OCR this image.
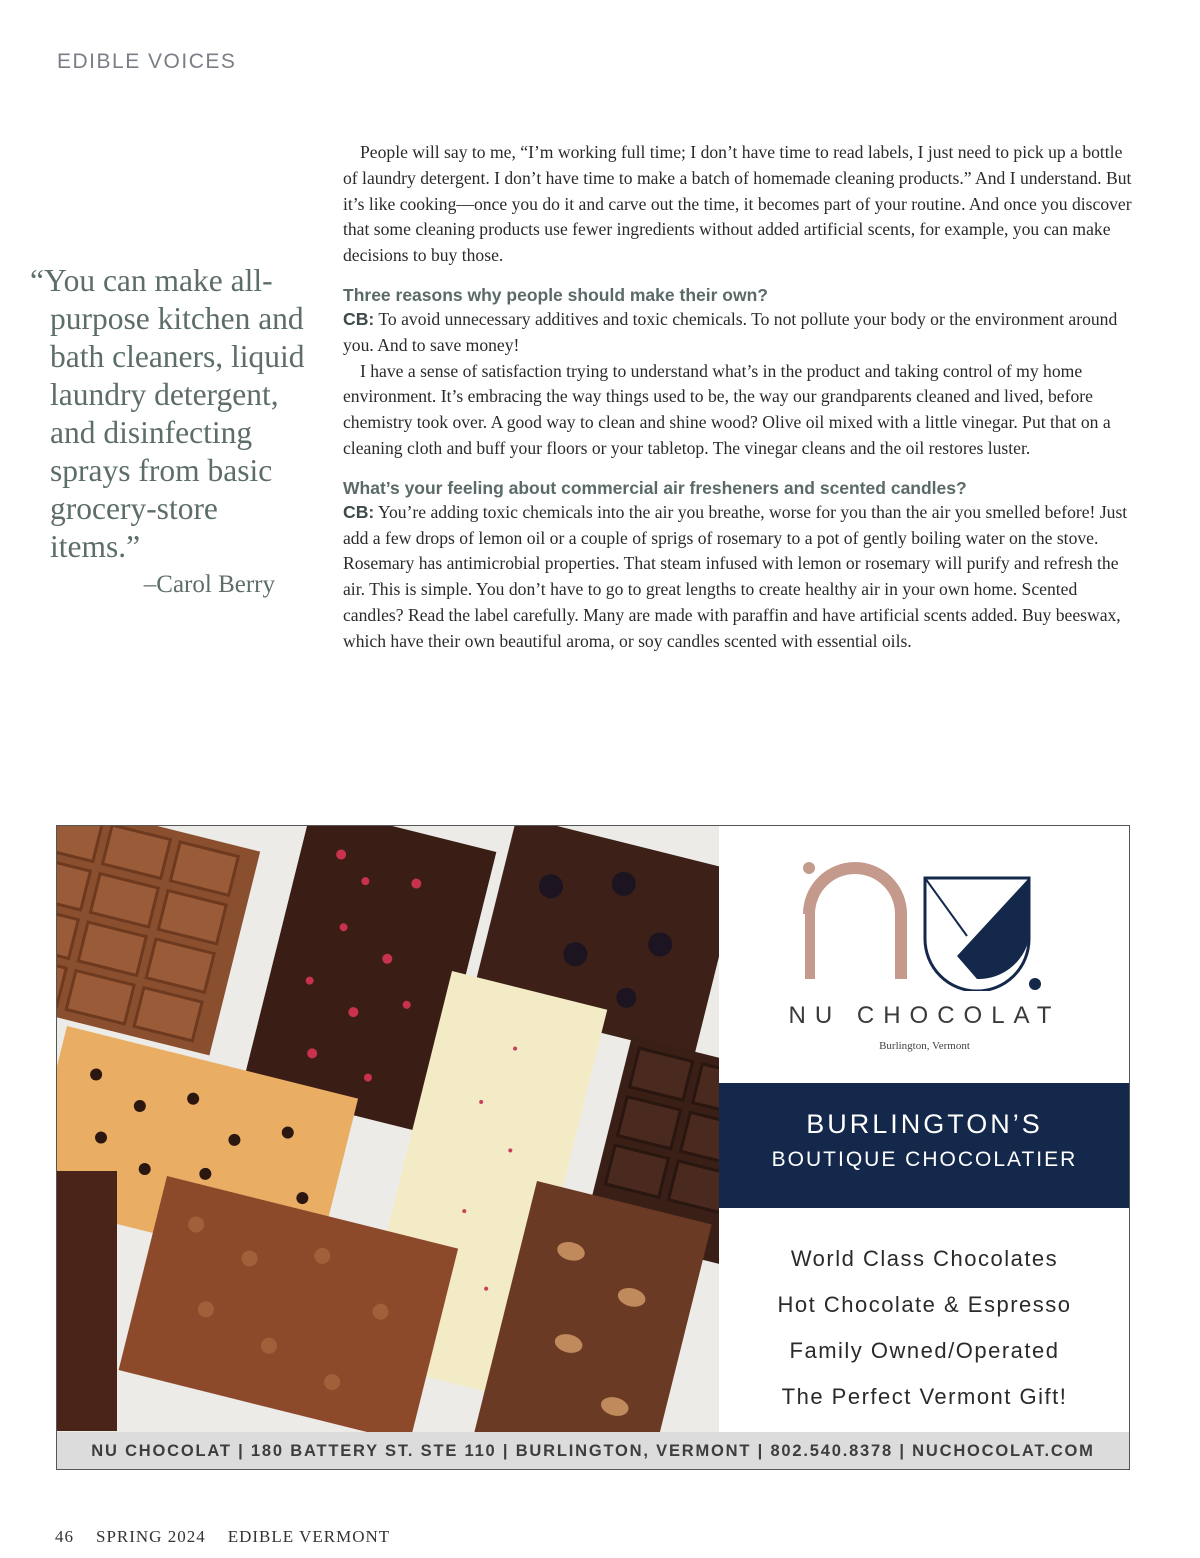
EDIBLE VOICES
“You can make all-purpose kitchen and bath cleaners, liquid laundry detergent, and disinfecting sprays from basic grocery-store items.”
–Carol Berry

People will say to me, “I’m working full time; I don’t have time to read labels, I just need to pick up a bottle of laundry detergent. I don’t have time to make a batch of homemade cleaning products.” And I understand. But it’s like cooking—once you do it and carve out the time, it becomes part of your routine. And once you discover that some cleaning products use fewer ingredients without added artificial scents, for example, you can make decisions to buy those.

Three reasons why people should make their own?

CB: To avoid unnecessary additives and toxic chemicals. To not pollute your body or the environment around you. And to save money!

I have a sense of satisfaction trying to understand what’s in the product and taking control of my home environment. It’s embracing the way things used to be, the way our grandparents cleaned and lived, before chemistry took over. A good way to clean and shine wood? Olive oil mixed with a little vinegar. Put that on a cleaning cloth and buff your floors or your tabletop. The vinegar cleans and the oil restores luster.

What’s your feeling about commercial air fresheners and scented candles?

CB: You’re adding toxic chemicals into the air you breathe, worse for you than the air you smelled before! Just add a few drops of lemon oil or a couple of sprigs of rosemary to a pot of gently boiling water on the stove. Rosemary has antimicrobial properties. That steam infused with lemon or rosemary will purify and refresh the air. This is simple. You don’t have to go to great lengths to create healthy air in your own home. Scented candles? Read the label carefully. Many are made with paraffin and have artificial scents added. Buy beeswax, which have their own beautiful aroma, or soy candles scented with essential oils.

NU CHOCOLAT
Burlington, Vermont
BURLINGTON’S
BOUTIQUE CHOCOLATIER
World Class Chocolates
Hot Chocolate & Espresso
Family Owned/Operated
The Perfect Vermont Gift!
NU CHOCOLAT | 180 BATTERY ST. STE 110 | BURLINGTON, VERMONT | 802.540.8378 | NUCHOCOLAT.COM
46 SPRING 2024 EDIBLE VERMONT
